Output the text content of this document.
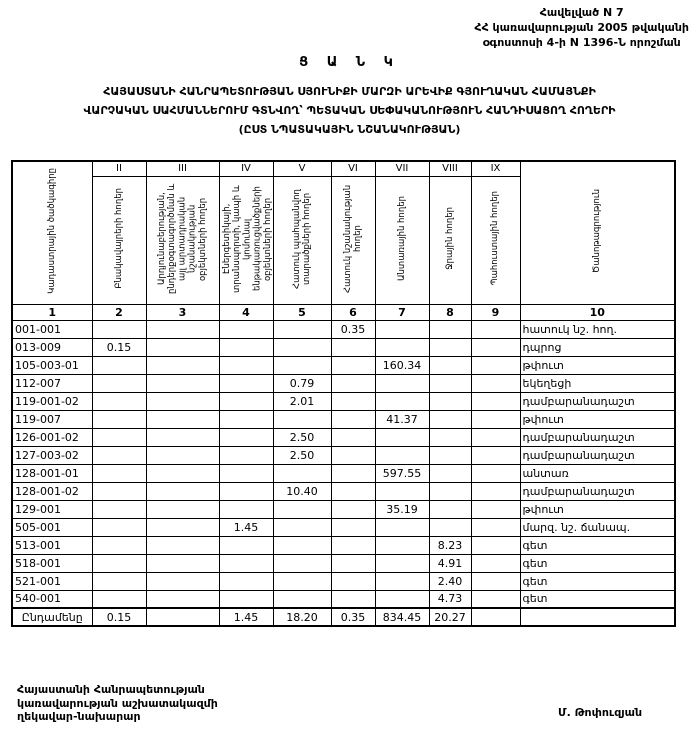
Հավելված N 7
ՀՀ կառավարության 2005 թվականի
օգոստոսի 4-ի N 1396-Ն որոշման
Ց Ա Ն Կ
ՀԱՅԱՍՏԱՆԻ ՀԱՆՐԱՊԵՏՈՒԹՅԱՆ ՍՅՈՒՆԻՔԻ ՄԱՐԶԻ ԱՐԵՎԻՔ ԳՅՈՒՂԱԿԱՆ ՀԱՄԱՅՆՔԻ
ՎԱՐՉԱԿԱՆ ՍԱՀՄԱՆՆԵՐՈՒՄ ԳՏՆՎՈՂ՝ ՊԵՏԱԿԱՆ ՍԵՓԱԿԱՆՈՒԹՅՈՒՆ ՀԱՆԴԻՍԱՑՈՂ ՀՈՂԵՐԻ
(ԸՍՏ ՆՊԱՏԱԿԱՅԻՆ ՆՇԱՆԱԿՈՒԹՅԱՆ)
Կադաստրային ծածկագիրը	II	III	IV	V	VI	VII	VIII	IX	Ծանոթագրություն
	Բնակավայրերի հողեր	Արդյունաբերության, ընդերքօգտագործման և այլ արտադրական նշանակության օբյեկտների հողեր	Էներգետիկայի, տրանսպորտի, կապի և կոմունալ ենթակառուցվածքների օբյեկտների հողեր	Հատուկ պահպանվող տարածքների հողեր	Հատուկ նշանակության հողեր	Անտառային հողեր	Ջրային հողեր	Պահուստային հողեր	
1	2	3	4	5	6	7	8	9	10
001-001					0.35				հատուկ նշ. հող.
013-009	0.15								դպրոց
105-003-01						160.34			թփուտ
112-007				0.79					եկեղեցի
119-001-02				2.01					դամբարանադաշտ
119-007						41.37			թփուտ
126-001-02				2.50					դամբարանադաշտ
127-003-02				2.50					դամբարանադաշտ
128-001-01						597.55			անտառ
128-001-02				10.40					դամբարանադաշտ
129-001						35.19			թփուտ
505-001			1.45						մարզ. նշ. ճանապ.
513-001							8.23		գետ
518-001							4.91		գետ
521-001							2.40		գետ
540-001							4.73		գետ
Ընդամենը	0.15		1.45	18.20	0.35	834.45	20.27		
Հայաստանի Հանրապետության
կառավարության աշխատակազմի
ղեկավար-նախարար	Մ. Թոփուզյան
